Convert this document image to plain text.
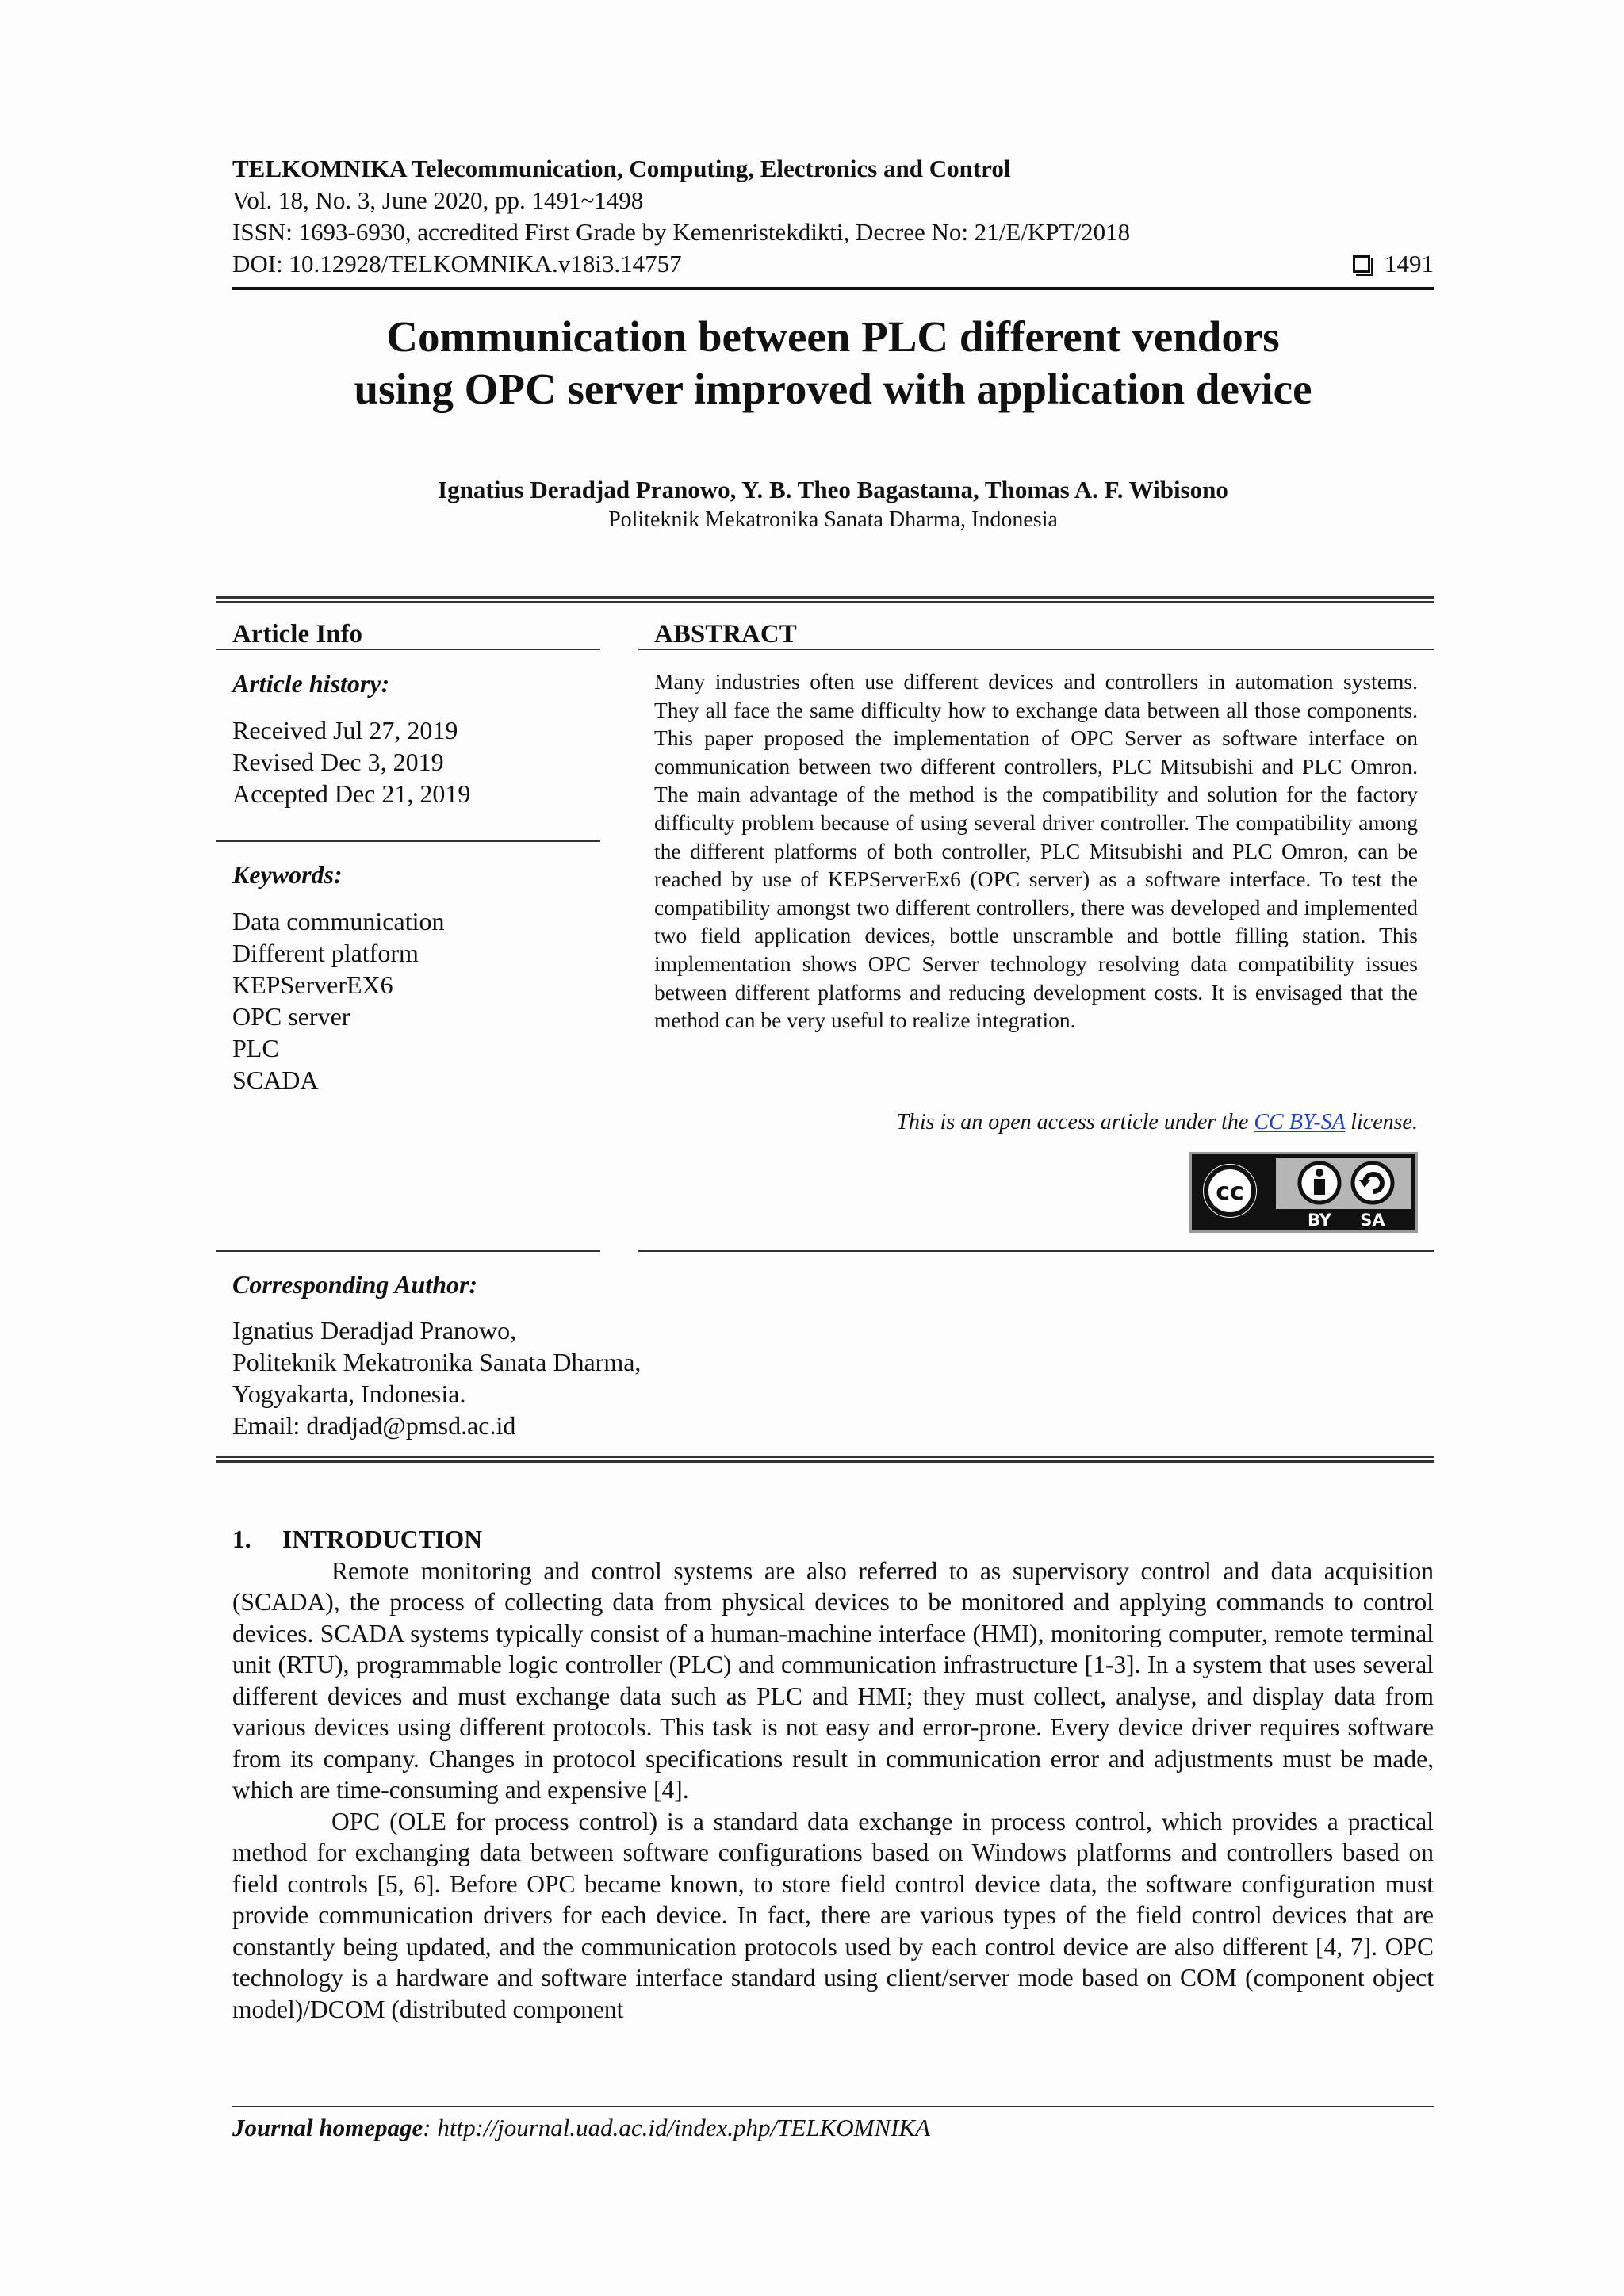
TELKOMNIKA Telecommunication, Computing, Electronics and Control
Vol. 18, No. 3, June 2020, pp. 1491~1498
ISSN: 1693-6930, accredited First Grade by Kemenristekdikti, Decree No: 21/E/KPT/2018
DOI: 10.12928/TELKOMNIKA.v18i3.14757	1491
Communication between PLC different vendors
using OPC server improved with application device
Ignatius Deradjad Pranowo, Y. B. Theo Bagastama, Thomas A. F. Wibisono
Politeknik Mekatronika Sanata Dharma, Indonesia
Article Info
Article history:
Received Jul 27, 2019
Revised Dec 3, 2019
Accepted Dec 21, 2019
Keywords:
Data communication
Different platform
KEPServerEX6
OPC server
PLC
SCADA
ABSTRACT
Many industries often use different devices and controllers in automation systems. They all face the same difficulty how to exchange data between all those components. This paper proposed the implementation of OPC Server as software interface on communication between two different controllers, PLC Mitsubishi and PLC Omron. The main advantage of the method is the compatibility and solution for the factory difficulty problem because of using several driver controller. The compatibility among the different platforms of both controller, PLC Mitsubishi and PLC Omron, can be reached by use of KEPServerEx6 (OPC server) as a software interface. To test the compatibility amongst two different controllers, there was developed and implemented two field application devices, bottle unscramble and bottle filling station. This implementation shows OPC Server technology resolving data compatibility issues between different platforms and reducing development costs. It is envisaged that the method can be very useful to realize integration.
This is an open access article under the CC BY-SA license.
cc
BY SA
Corresponding Author:
Ignatius Deradjad Pranowo,
Politeknik Mekatronika Sanata Dharma,
Yogyakarta, Indonesia.
Email: dradjad@pmsd.ac.id
1.     INTRODUCTION

Remote monitoring and control systems are also referred to as supervisory control and data acquisition (SCADA), the process of collecting data from physical devices to be monitored and applying commands to control devices. SCADA systems typically consist of a human-machine interface (HMI), monitoring computer, remote terminal unit (RTU), programmable logic controller (PLC) and communication infrastructure [1-3]. In a system that uses several different devices and must exchange data such as PLC and HMI; they must collect, analyse, and display data from various devices using different protocols. This task is not easy and error-prone. Every device driver requires software from its company. Changes in protocol specifications result in communication error and adjustments must be made, which are time-consuming and expensive [4].

OPC (OLE for process control) is a standard data exchange in process control, which provides a practical method for exchanging data between software configurations based on Windows platforms and controllers based on field controls [5, 6]. Before OPC became known, to store field control device data, the software configuration must provide communication drivers for each device. In fact, there are various types of the field control devices that are constantly being updated, and the communication protocols used by each control device are also different [4, 7]. OPC technology is a hardware and software interface standard using client/server mode based on COM (component object model)/DCOM (distributed component

Journal homepage: http://journal.uad.ac.id/index.php/TELKOMNIKA
